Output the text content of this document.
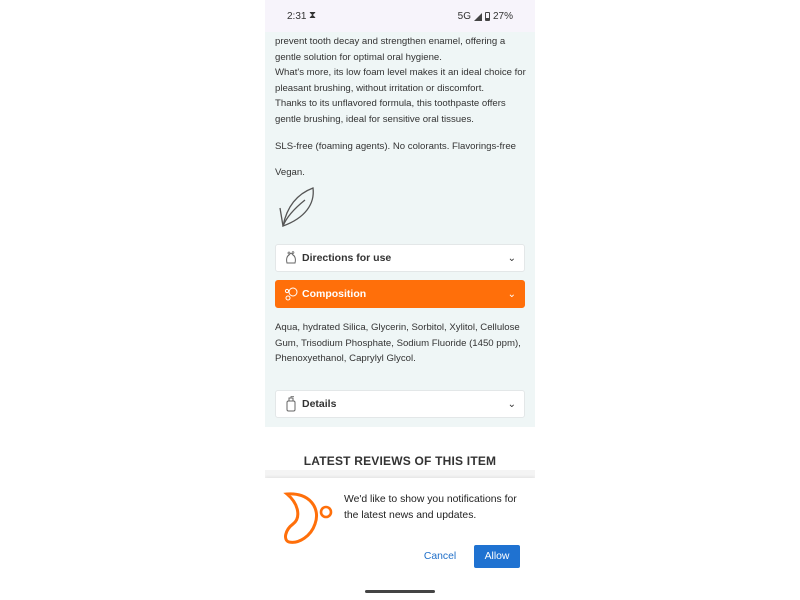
2:31 ⧗	5G 27%

prevent tooth decay and strengthen enamel, offering a gentle solution for optimal oral hygiene.
What's more, its low foam level makes it an ideal choice for pleasant brushing, without irritation or discomfort.
Thanks to its unflavored formula, this toothpaste offers gentle brushing, ideal for sensitive oral tissues.

SLS-free (foaming agents). No colorants. Flavorings-free

Vegan.

Directions for use	⌄
Composition	⌄

Aqua, hydrated Silica, Glycerin, Sorbitol, Xylitol, Cellulose Gum, Trisodium Phosphate, Sodium Fluoride (1450 ppm), Phenoxyethanol, Caprylyl Glycol.

Details	⌄
LATEST REVIEWS OF THIS ITEM

We'd like to show you notifications for the latest news and updates.

Cancel	Allow
